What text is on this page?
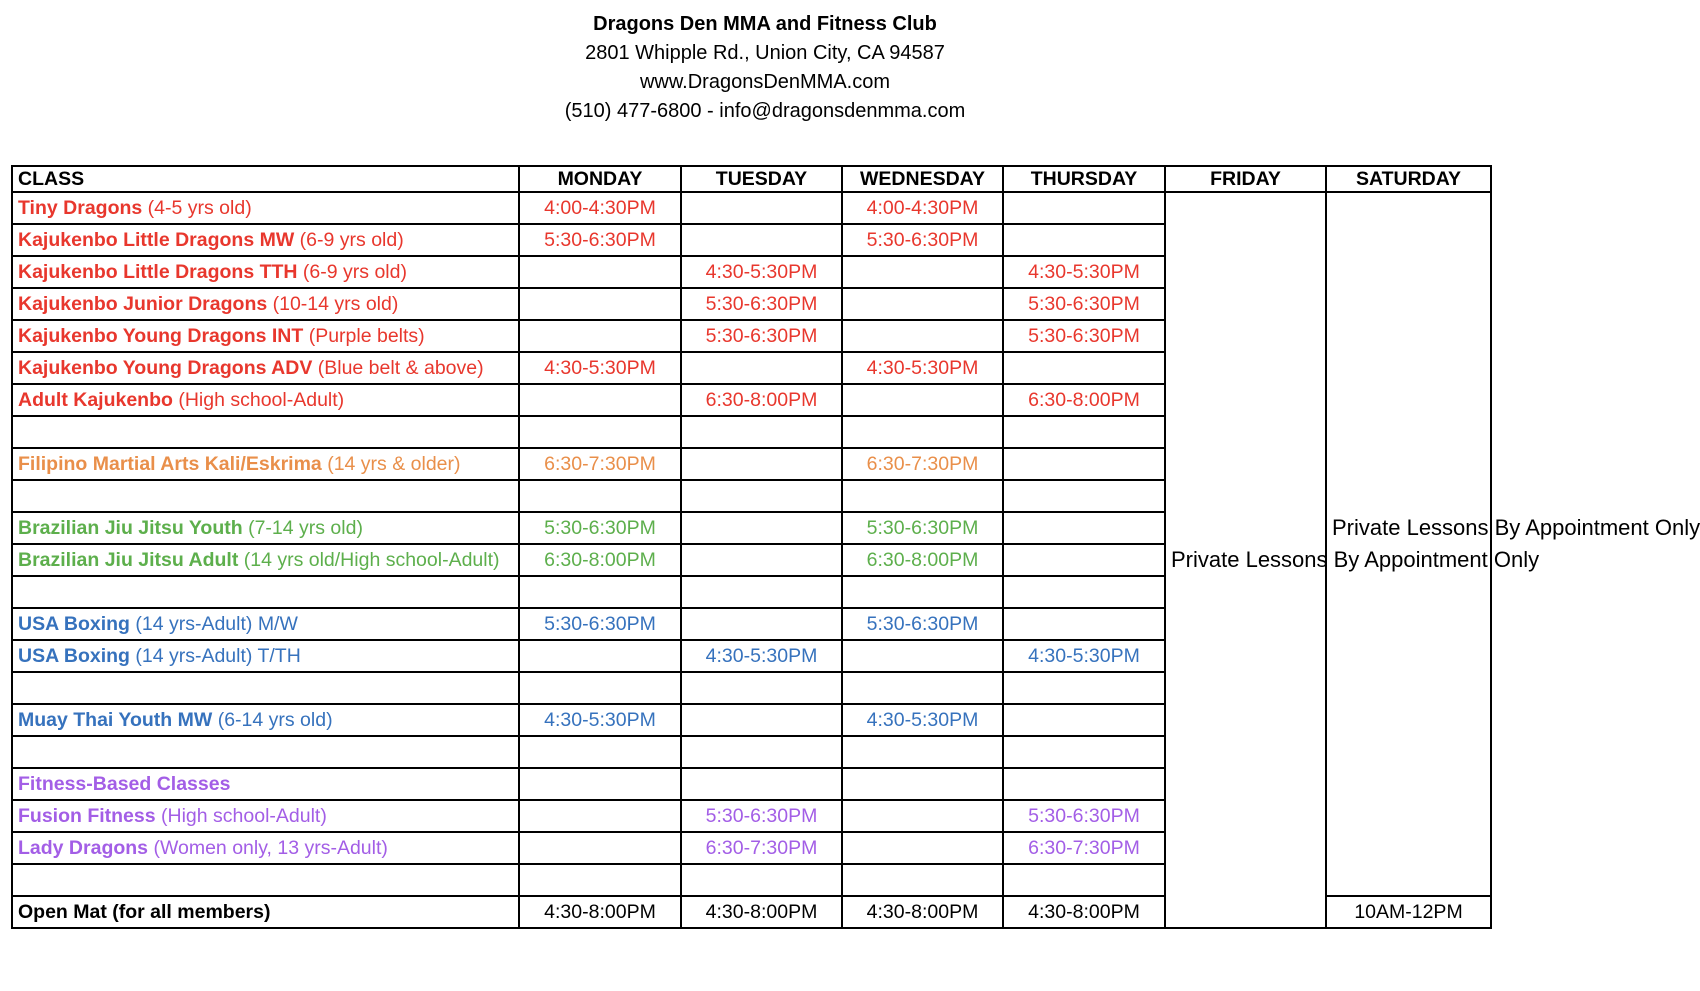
Dragons Den MMA and Fitness Club
2801 Whipple Rd., Union City, CA 94587
www.DragonsDenMMA.com
(510) 477-6800 - info@dragonsdenmma.com
CLASS	MONDAY	TUESDAY	WEDNESDAY	THURSDAY	FRIDAY	SATURDAY
Tiny Dragons (4-5 yrs old)	4:00-4:30PM		4:00-4:30PM		Private Lessons By Appointment Only	Private Lessons By Appointment Only
Kajukenbo Little Dragons MW (6-9 yrs old)	5:30-6:30PM		5:30-6:30PM			
Kajukenbo Little Dragons TTH (6-9 yrs old)		4:30-5:30PM		4:30-5:30PM		
Kajukenbo Junior Dragons (10-14 yrs old)		5:30-6:30PM		5:30-6:30PM		
Kajukenbo Young Dragons INT (Purple belts)		5:30-6:30PM		5:30-6:30PM		
Kajukenbo Young Dragons ADV (Blue belt & above)	4:30-5:30PM		4:30-5:30PM			
Adult Kajukenbo (High school-Adult)		6:30-8:00PM		6:30-8:00PM		

Filipino Martial Arts Kali/Eskrima (14 yrs & older)	6:30-7:30PM		6:30-7:30PM			

Brazilian Jiu Jitsu Youth (7-14 yrs old)	5:30-6:30PM		5:30-6:30PM			
Brazilian Jiu Jitsu Adult (14 yrs old/High school-Adult)	6:30-8:00PM		6:30-8:00PM			

USA Boxing (14 yrs-Adult) M/W	5:30-6:30PM		5:30-6:30PM			
USA Boxing (14 yrs-Adult) T/TH		4:30-5:30PM		4:30-5:30PM		

Muay Thai Youth MW (6-14 yrs old)	4:30-5:30PM		4:30-5:30PM			

Fitness-Based Classes						
Fusion Fitness (High school-Adult)		5:30-6:30PM		5:30-6:30PM		
Lady Dragons (Women only, 13 yrs-Adult)		6:30-7:30PM		6:30-7:30PM		

Open Mat (for all members)	4:30-8:00PM	4:30-8:00PM	4:30-8:00PM	4:30-8:00PM		10AM-12PM
